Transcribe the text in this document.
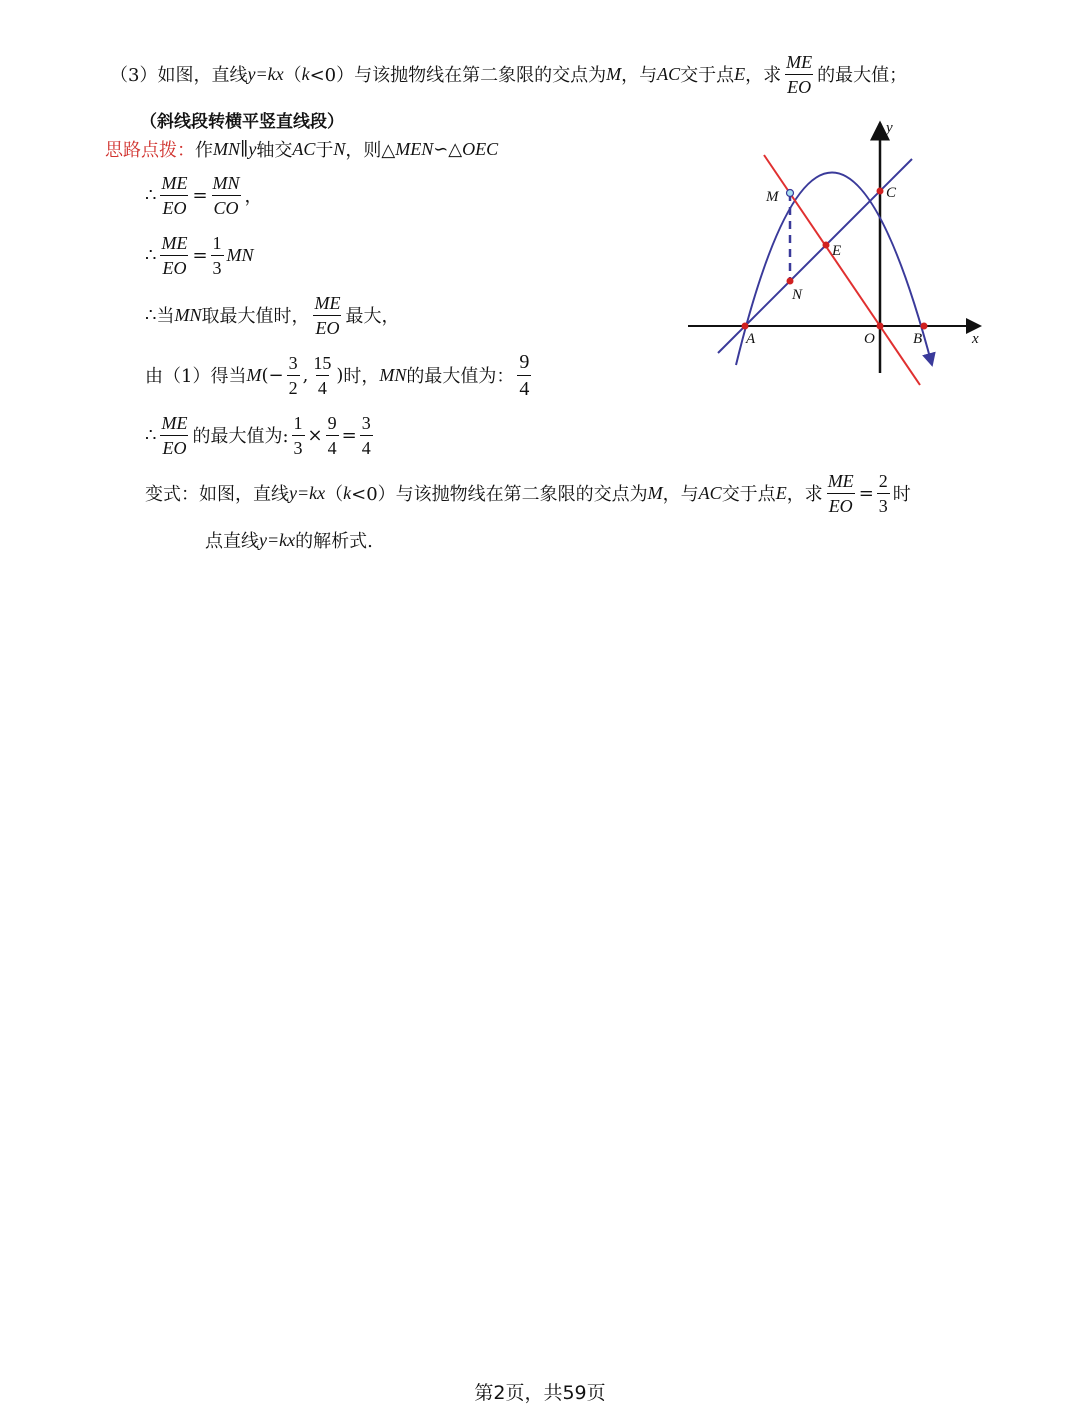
（3） 如图，直线 y=kx （ k <0）与该抛物线在第二象限的交点为 M ，与 AC 交于点 E ，求 $\frac{ME}{EO}$ 的最大值；
（斜线段转横平竖直线段）
思路点拨： 作 MN ∥ y 轴交 AC 于 N ，则△ MEN ∽△ OEC
∴ $\frac{ME}{EO} = \frac{MN}{CO}$ ，
∴ $\frac{ME}{EO} = \frac{1}{3}$ MN
∴ 当 MN 取最大值时， $\frac{ME}{EO}$ 最大，
由（1）得当 M ( − $\frac{3}{2}$ , $\frac{15}{4}$ ) 时， MN 的最大值为： $\frac{9}{4}$
∴ $\frac{ME}{EO}$ 的最大值为: $\frac{1}{3} \times \frac{9}{4} = \frac{3}{4}$
变式：如图，直线 y=kx （ k <0）与该抛物线在第二象限的交点为 M ，与 AC 交于点 E ，求 $\frac{ME}{EO} = \frac{2}{3}$ 时
点直线 y=kx 的解析式.
y
x
M	C
E
N
A	O	B
第2页，共59页
